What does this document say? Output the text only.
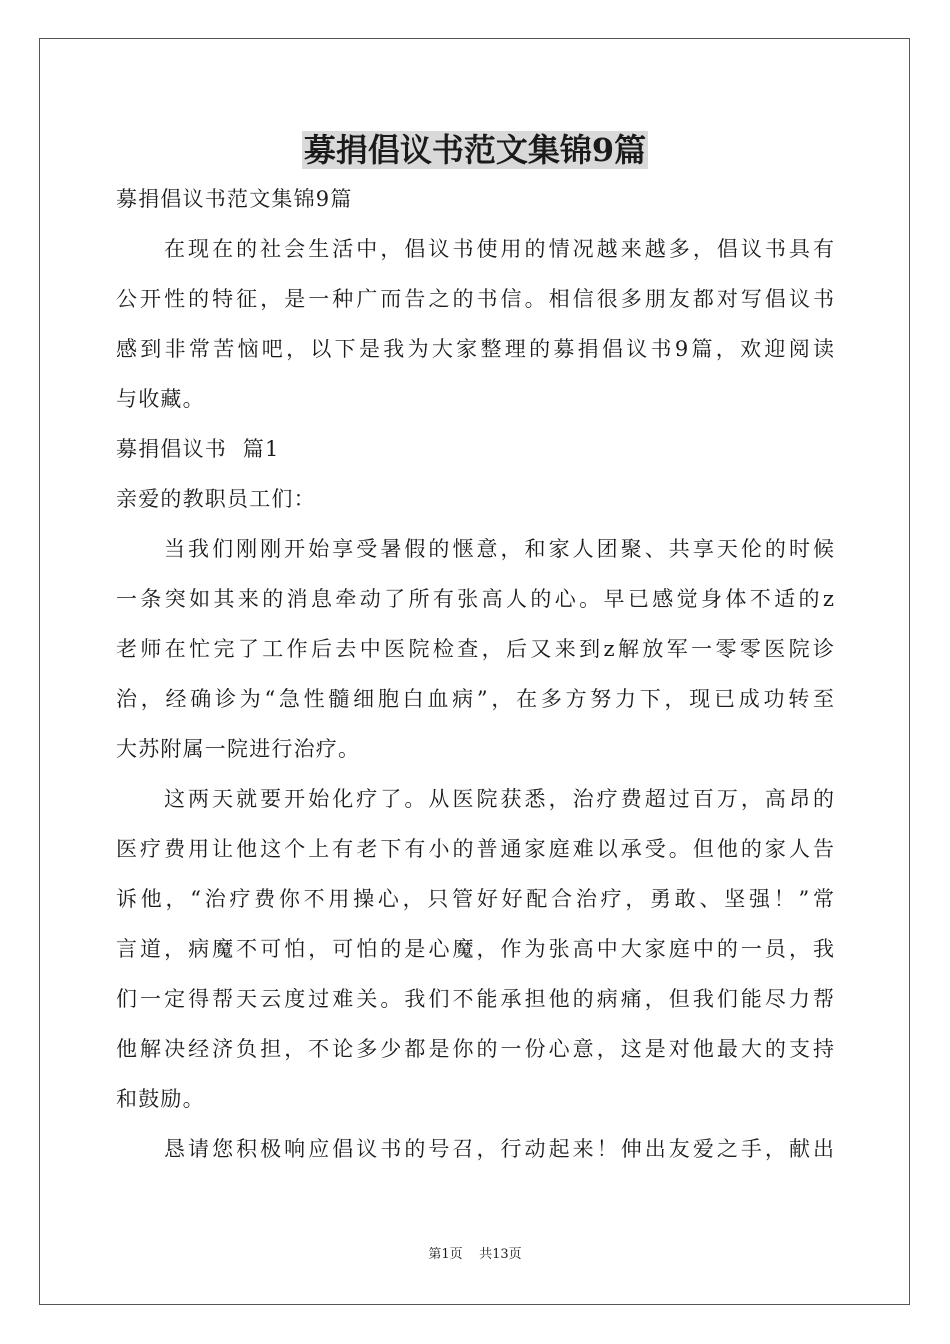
募捐倡议书范文集锦9篇
募捐倡议书范文集锦9篇
在现在的社会生活中，倡议书使用的情况越来越多，倡议书具有
公开性的特征，是一种广而告之的书信。相信很多朋友都对写倡议书
感到非常苦恼吧，以下是我为大家整理的募捐倡议书9篇，欢迎阅读
与收藏。
募捐倡议书  篇1
亲爱的教职员工们：
当我们刚刚开始享受暑假的惬意，和家人团聚、共享天伦的时候
一条突如其来的消息牵动了所有张高人的心。早已感觉身体不适的z
老师在忙完了工作后去中医院检查，后又来到z解放军一零零医院诊
治，经确诊为“急性髓细胞白血病”，在多方努力下，现已成功转至
大苏附属一院进行治疗。
这两天就要开始化疗了。从医院获悉，治疗费超过百万，高昂的
医疗费用让他这个上有老下有小的普通家庭难以承受。但他的家人告
诉他，“治疗费你不用操心，只管好好配合治疗，勇敢、坚强！”常
言道，病魔不可怕，可怕的是心魔，作为张高中大家庭中的一员，我
们一定得帮天云度过难关。我们不能承担他的病痛，但我们能尽力帮
他解决经济负担，不论多少都是你的一份心意，这是对他最大的支持
和鼓励。
恳请您积极响应倡议书的号召，行动起来！伸出友爱之手，献出
第1页    共13页
